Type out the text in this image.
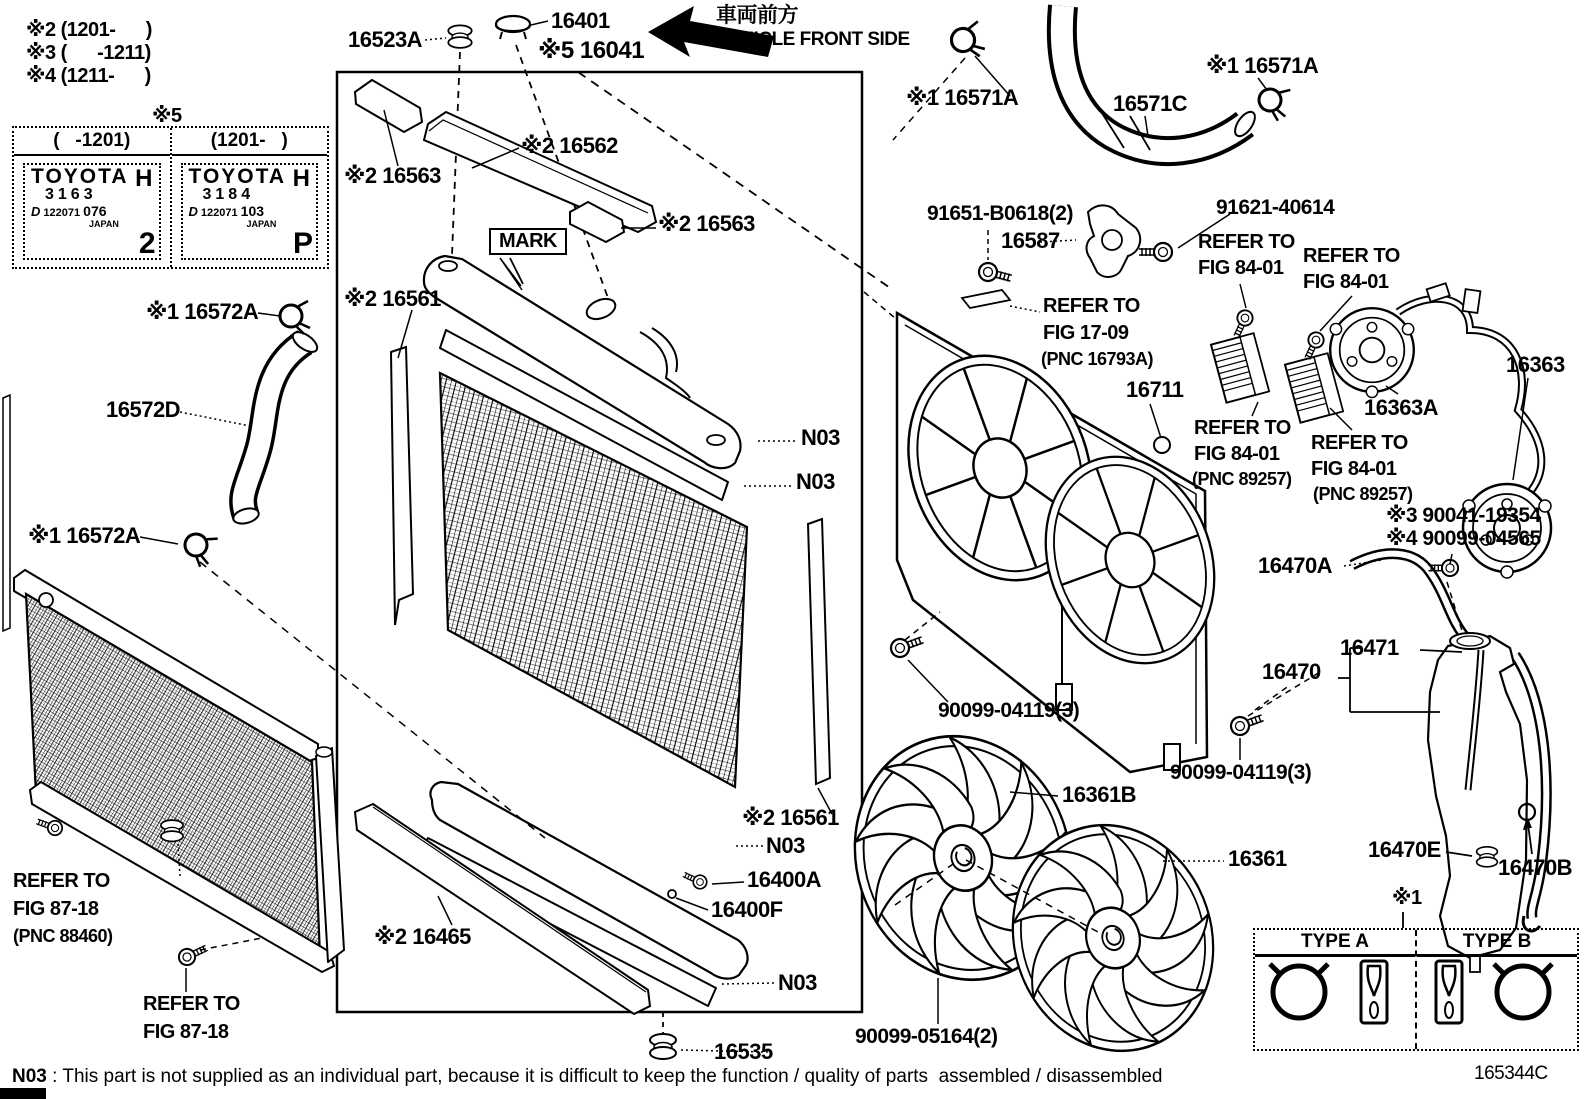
(   -1201)
TOYOTA
3163
D 122071 076
JAPAN
H
2
(1201-   )
TOYOTA
3184
D 122071 103
JAPAN
H
P
TYPE A	TYPE B
N03 : This part is not supplied as an individual part, because it is difficult to keep the function / quality of parts  assembled / disassembled	165344C
※2 (1201-      )
※3 (      -1211)
※4 (1211-      )
※5
16523A
16401
※5 16041
車両前方
VEHICLE FRONT SIDE
※2 16563
※2 16562
※2 16563
MARK
※2 16561
N03
N03
※1 16571A	16571C
※1 16571A
91651-B0618(2)
16587
91621-40614
REFER TO
FIG 84-01
REFER TO
FIG 84-01
REFER TO
FIG 17-09
(PNC 16793A)
16711
REFER TO
FIG 84-01
(PNC 89257)
REFER TO
FIG 84-01
(PNC 89257)
16363
16363A
※3 90041-19354
※4 90099-04565
16470A
16471
16470
16470E
16470B
90099-04119(3)
90099-04119(3)
16361B
16361
90099-05164(2)
16535
※2 16561
N03
16400A
16400F
N03
※2 16465
※1 16572A
16572D
※1 16572A
REFER TO
FIG 87-18
(PNC 88460)
REFER TO
FIG 87-18
※1
